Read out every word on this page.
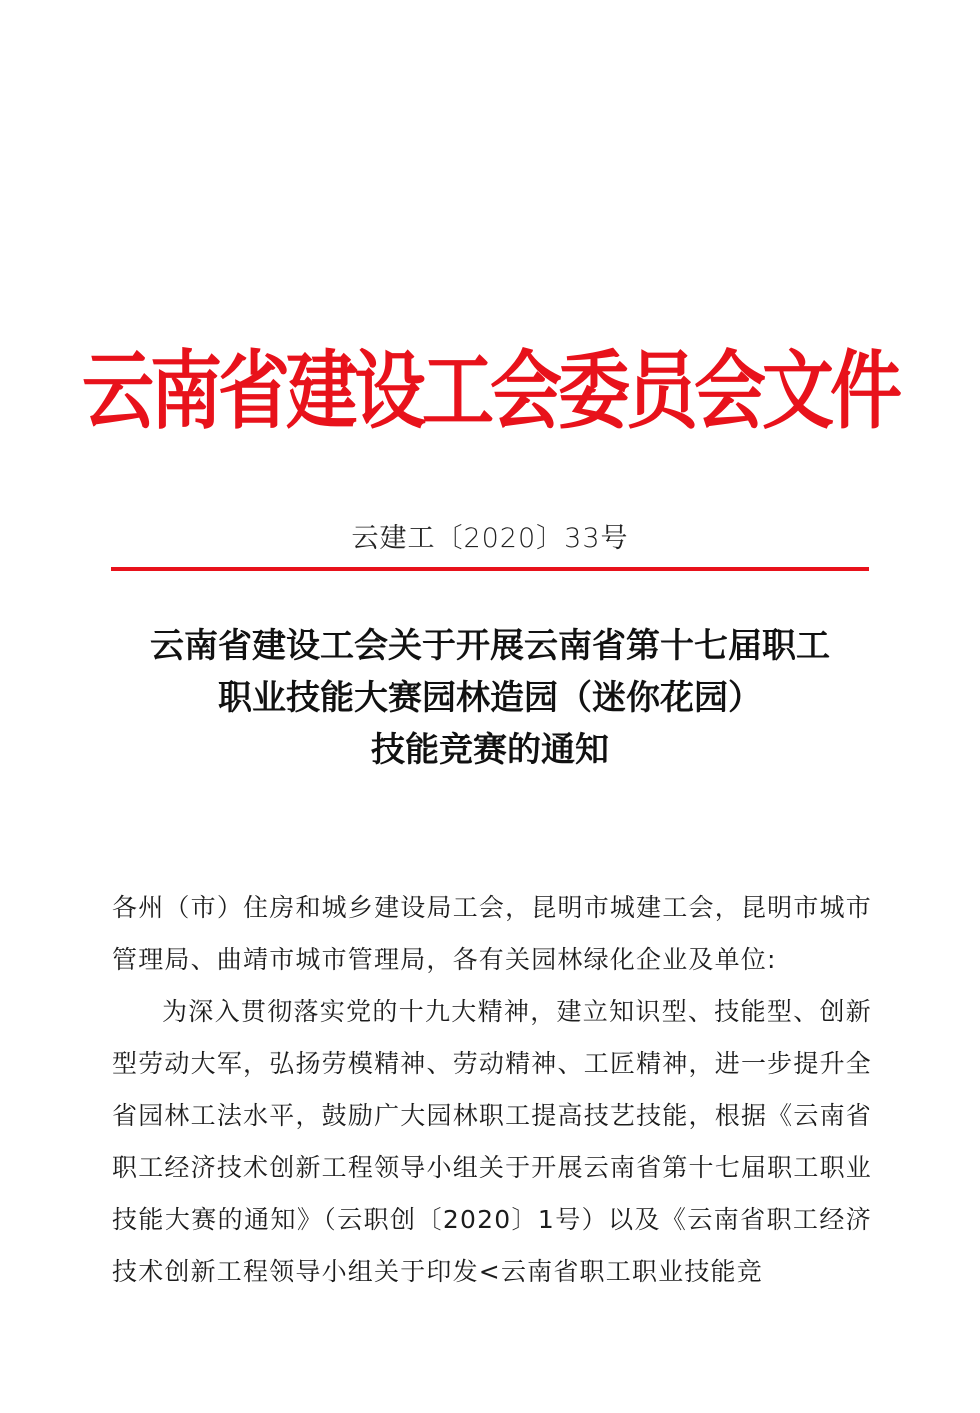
云南省建设工会委员会文件
云建工〔2020〕33号
云南省建设工会关于开展云南省第十七届职工
职业技能大赛园林造园（迷你花园）
技能竞赛的通知

各州（市）住房和城乡建设局工会，昆明市城建工会，昆明市城市管理局、曲靖市城市管理局，各有关园林绿化企业及单位:

为深入贯彻落实党的十九大精神，建立知识型、技能型、创新型劳动大军，弘扬劳模精神、劳动精神、工匠精神，进一步提升全省园林工法水平，鼓励广大园林职工提高技艺技能，根据《云南省职工经济技术创新工程领导小组关于开展云南省第十七届职工职业技能大赛的通知》（云职创〔2020〕1号）以及《云南省职工经济技术创新工程领导小组关于印发<云南省职工职业技能竞
